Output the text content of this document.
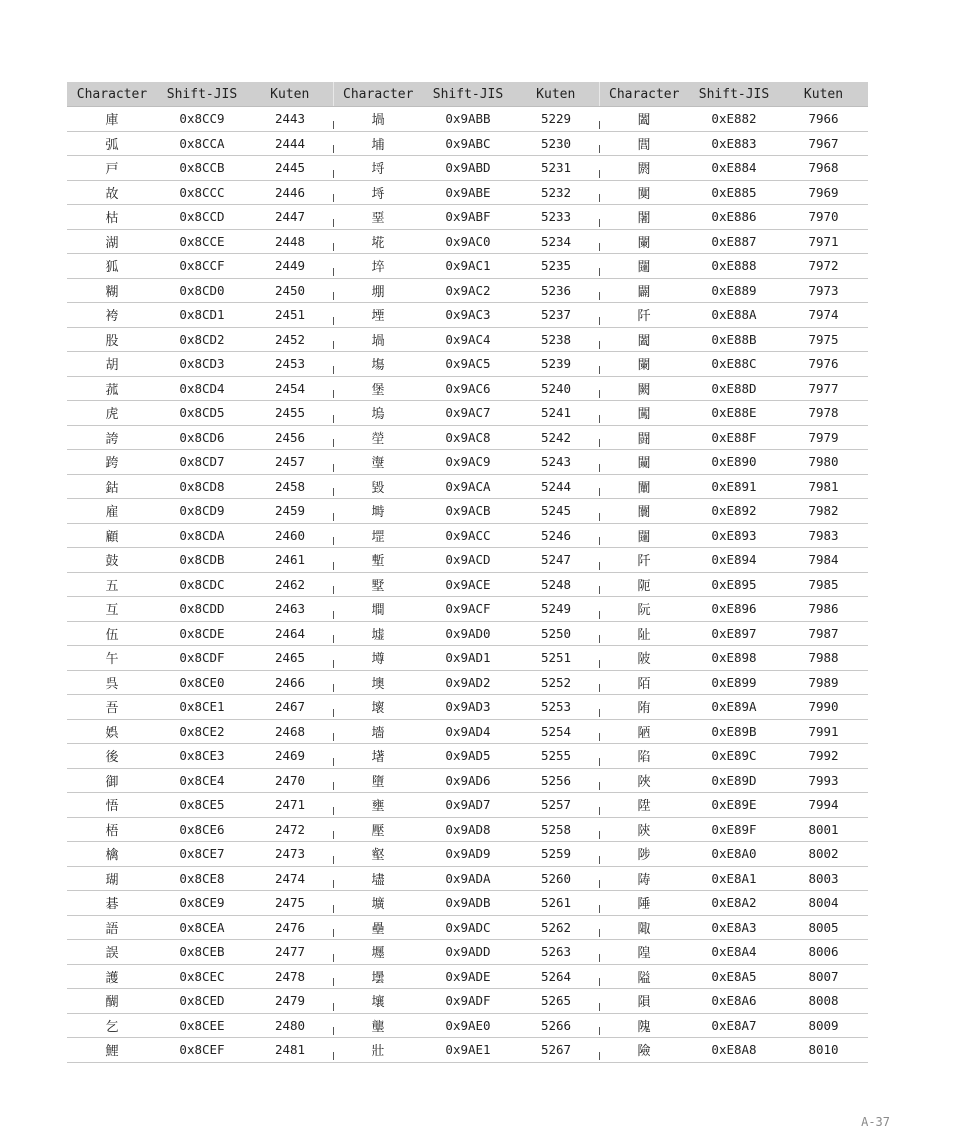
Character	Shift-JIS	Kuten	Character	Shift-JIS	Kuten	Character	Shift-JIS	Kuten
庫	0x8CC9	2443	堝	0x9ABB	5229	闔	0xE882	7966
弧	0x8CCA	2444	埔	0x9ABC	5230	閭	0xE883	7967
戸	0x8CCB	2445	埒	0x9ABD	5231	閼	0xE884	7968
故	0x8CCC	2446	埓	0x9ABE	5232	闃	0xE885	7969
枯	0x8CCD	2447	堊	0x9ABF	5233	闍	0xE886	7970
湖	0x8CCE	2448	埖	0x9AC0	5234	闌	0xE887	7971
狐	0x8CCF	2449	埣	0x9AC1	5235	闥	0xE888	7972
糊	0x8CD0	2450	堋	0x9AC2	5236	闢	0xE889	7973
袴	0x8CD1	2451	堙	0x9AC3	5237	阡	0xE88A	7974
股	0x8CD2	2452	堝	0x9AC4	5238	闔	0xE88B	7975
胡	0x8CD3	2453	塲	0x9AC5	5239	闌	0xE88C	7976
菰	0x8CD4	2454	堡	0x9AC6	5240	闕	0xE88D	7977
虎	0x8CD5	2455	塢	0x9AC7	5241	闖	0xE88E	7978
誇	0x8CD6	2456	塋	0x9AC8	5242	闘	0xE88F	7979
跨	0x8CD7	2457	塰	0x9AC9	5243	闚	0xE890	7980
鈷	0x8CD8	2458	毀	0x9ACA	5244	闡	0xE891	7981
雇	0x8CD9	2459	塒	0x9ACB	5245	闤	0xE892	7982
顧	0x8CDA	2460	堽	0x9ACC	5246	闥	0xE893	7983
鼓	0x8CDB	2461	塹	0x9ACD	5247	阡	0xE894	7984
五	0x8CDC	2462	墅	0x9ACE	5248	阨	0xE895	7985
互	0x8CDD	2463	墹	0x9ACF	5249	阮	0xE896	7986
伍	0x8CDE	2464	墟	0x9AD0	5250	阯	0xE897	7987
午	0x8CDF	2465	墫	0x9AD1	5251	陂	0xE898	7988
呉	0x8CE0	2466	墺	0x9AD2	5252	陌	0xE899	7989
吾	0x8CE1	2467	壞	0x9AD3	5253	陏	0xE89A	7990
娯	0x8CE2	2468	墻	0x9AD4	5254	陋	0xE89B	7991
後	0x8CE3	2469	墸	0x9AD5	5255	陷	0xE89C	7992
御	0x8CE4	2470	墮	0x9AD6	5256	陜	0xE89D	7993
悟	0x8CE5	2471	壅	0x9AD7	5257	陞	0xE89E	7994
梧	0x8CE6	2472	壓	0x9AD8	5258	陝	0xE89F	8001
檎	0x8CE7	2473	壑	0x9AD9	5259	陟	0xE8A0	8002
瑚	0x8CE8	2474	壗	0x9ADA	5260	陦	0xE8A1	8003
碁	0x8CE9	2475	壙	0x9ADB	5261	陲	0xE8A2	8004
語	0x8CEA	2476	壘	0x9ADC	5262	陬	0xE8A3	8005
誤	0x8CEB	2477	壥	0x9ADD	5263	隍	0xE8A4	8006
護	0x8CEC	2478	壜	0x9ADE	5264	隘	0xE8A5	8007
醐	0x8CED	2479	壤	0x9ADF	5265	隕	0xE8A6	8008
乞	0x8CEE	2480	壟	0x9AE0	5266	隗	0xE8A7	8009
鯉	0x8CEF	2481	壯	0x9AE1	5267	險	0xE8A8	8010
A-37
